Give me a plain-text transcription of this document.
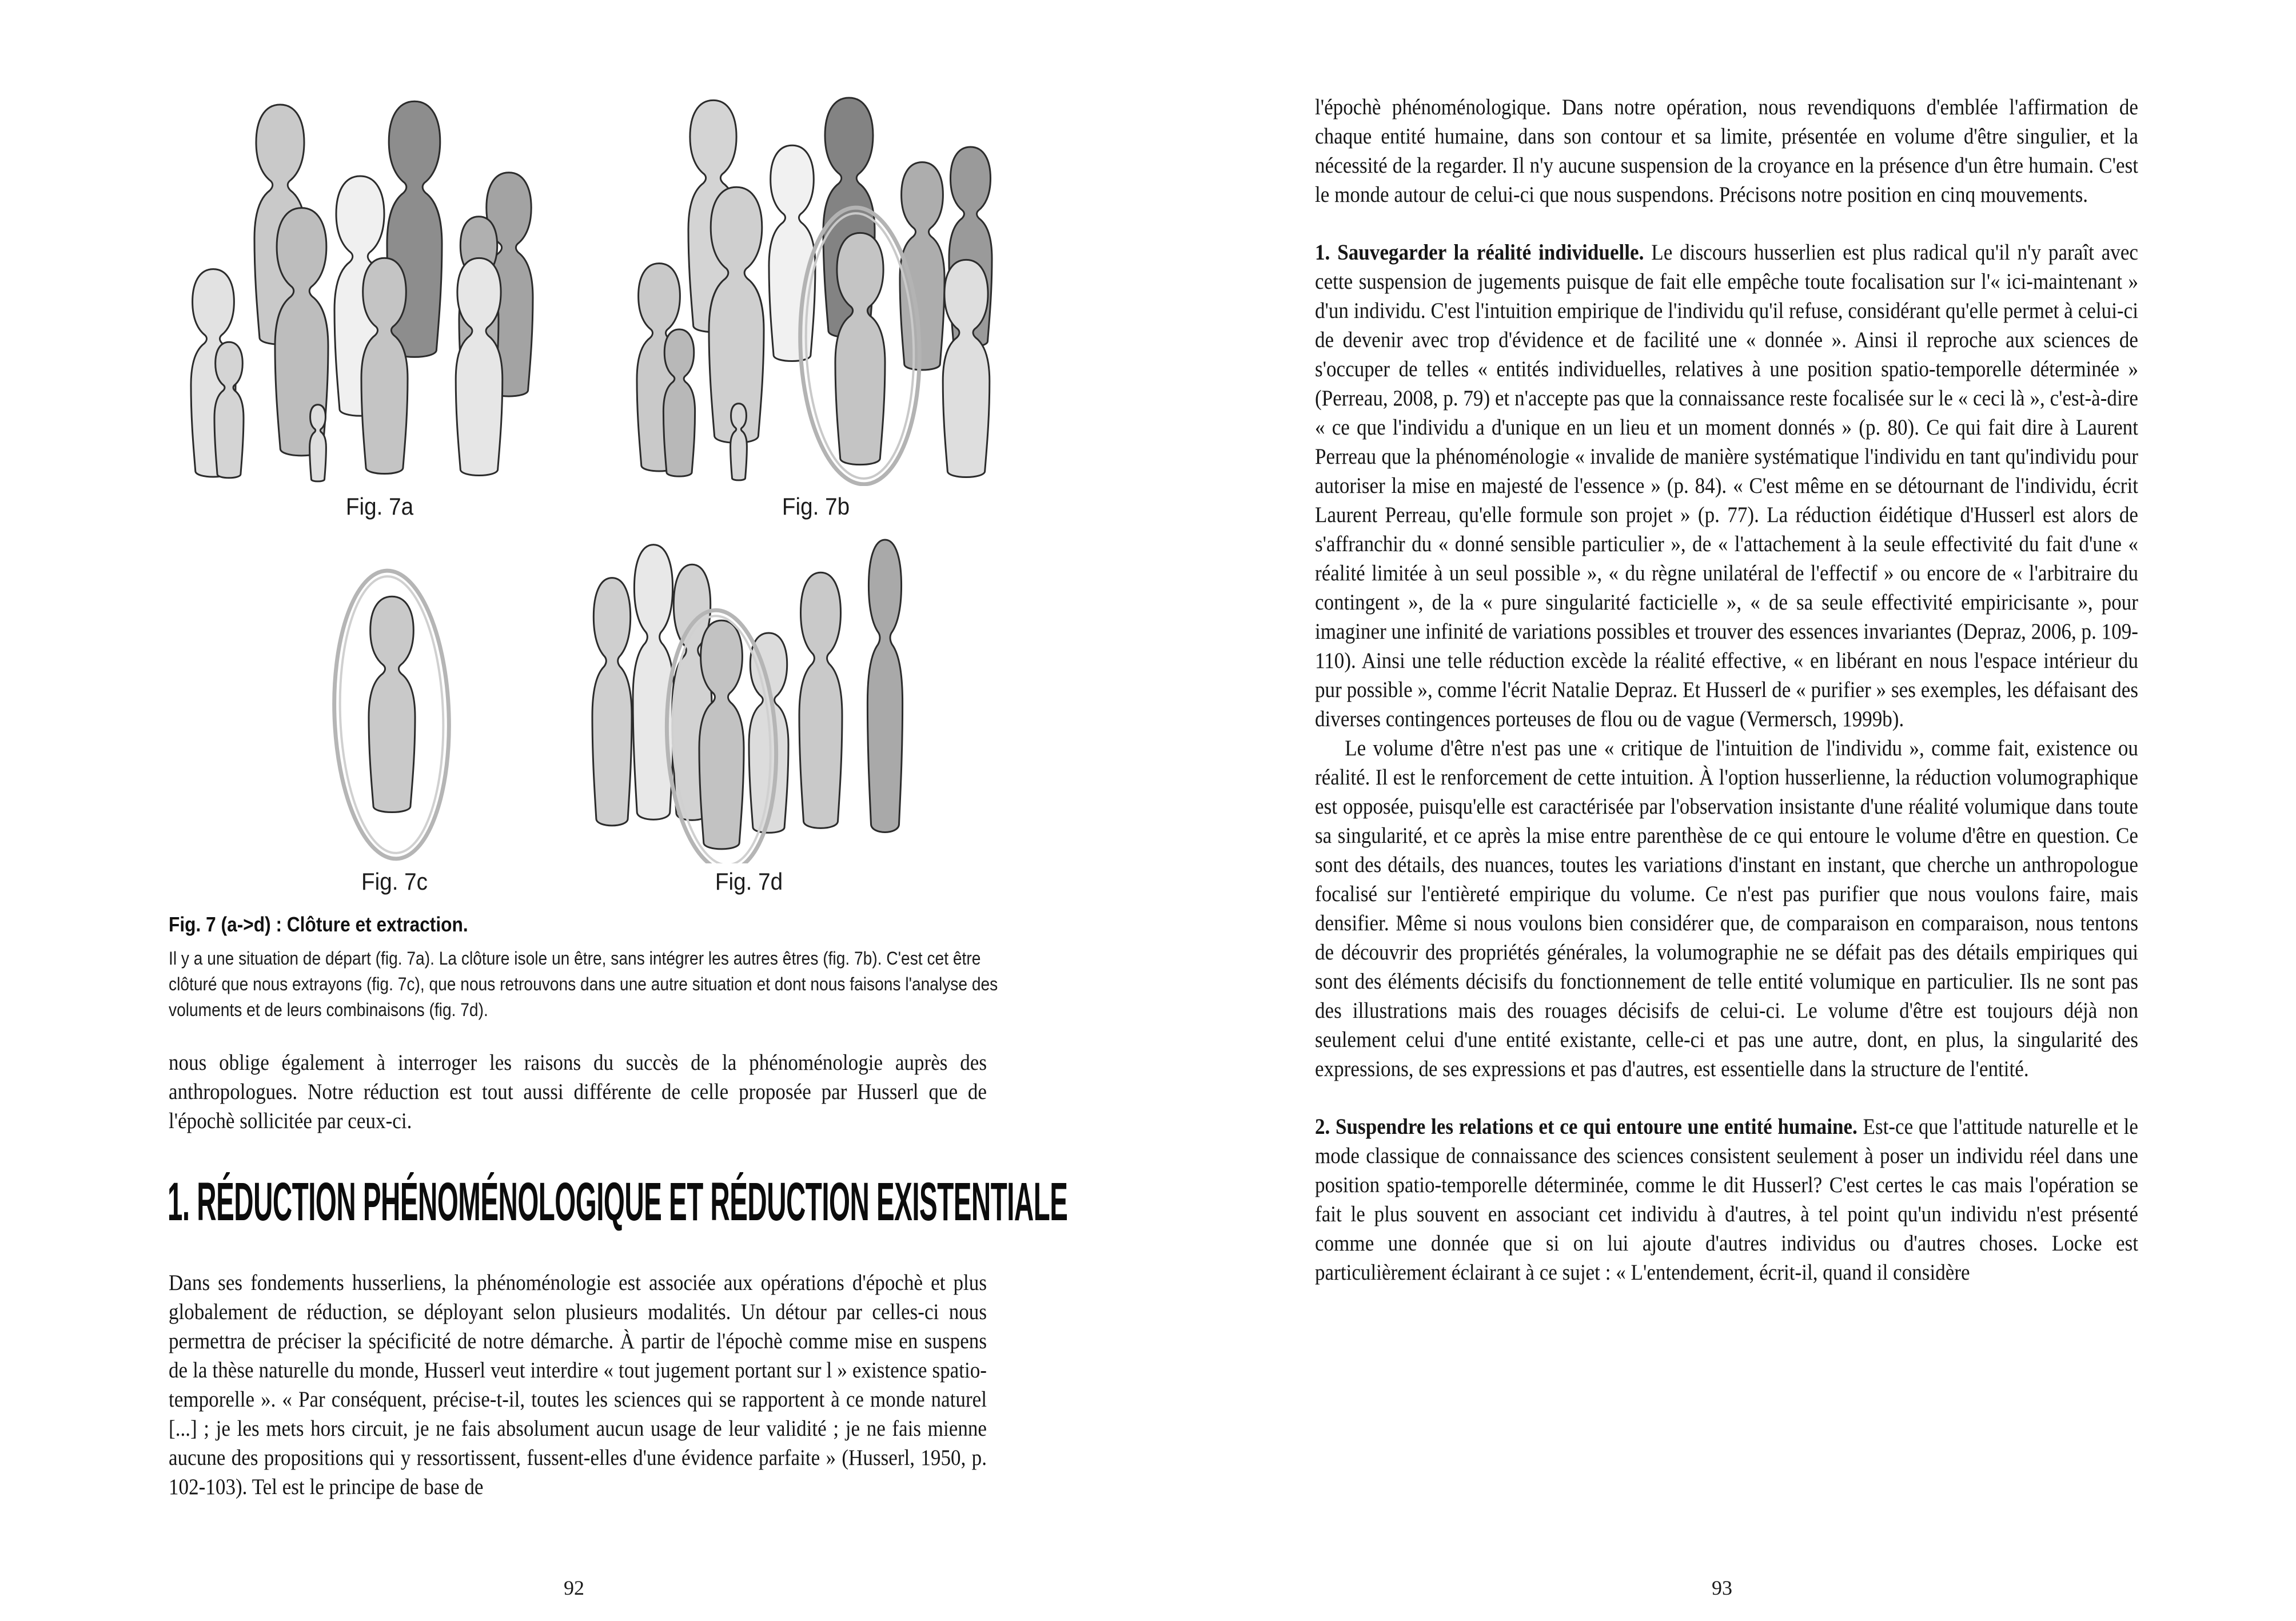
Fig. 7a	Fig. 7b
Fig. 7c	Fig. 7d
Fig. 7 (a->d) : Clôture et extraction.
Il y a une situation de départ (fig. 7a). La clôture isole un être, sans intégrer les autres êtres (fig. 7b). C'est cet être clôturé que nous extrayons (fig. 7c), que nous retrouvons dans une autre situation et dont nous faisons l'analyse des voluments et de leurs combinaisons (fig. 7d).

nous oblige également à interroger les raisons du succès de la phénoménologie auprès des anthropologues. Notre réduction est tout aussi différente de celle proposée par Husserl que de l'épochè sollicitée par ceux-ci.

1. RÉDUCTION PHÉNOMÉNOLOGIQUE ET RÉDUCTION EXISTENTIALE

Dans ses fondements husserliens, la phénoménologie est associée aux opérations d'épochè et plus globalement de réduction, se déployant selon plusieurs modalités. Un détour par celles-ci nous permettra de préciser la spécificité de notre démarche. À partir de l'épochè comme mise en suspens de la thèse naturelle du monde, Husserl veut interdire « tout jugement portant sur l » existence spatio-temporelle ». « Par conséquent, précise-t-il, toutes les sciences qui se rapportent à ce monde naturel [...] ; je les mets hors circuit, je ne fais absolument aucun usage de leur validité ; je ne fais mienne aucune des propositions qui y ressortissent, fussent-elles d'une évidence parfaite » (Husserl, 1950, p. 102-103). Tel est le principe de base de

92

l'épochè phénoménologique. Dans notre opération, nous revendiquons d'emblée l'affirmation de chaque entité humaine, dans son contour et sa limite, présentée en volume d'être singulier, et la nécessité de la regarder. Il n'y aucune suspension de la croyance en la présence d'un être humain. C'est le monde autour de celui-ci que nous suspendons. Précisons notre position en cinq mouvements.

1. Sauvegarder la réalité individuelle. Le discours husserlien est plus radical qu'il n'y paraît avec cette suspension de jugements puisque de fait elle empêche toute focalisation sur l'« ici-maintenant » d'un individu. C'est l'intuition empirique de l'individu qu'il refuse, considérant qu'elle permet à celui-ci de devenir avec trop d'évidence et de facilité une « donnée ». Ainsi il reproche aux sciences de s'occuper de telles « entités individuelles, relatives à une position spatio-temporelle déterminée » (Perreau, 2008, p. 79) et n'accepte pas que la connaissance reste focalisée sur le « ceci là », c'est-à-dire « ce que l'individu a d'unique en un lieu et un moment donnés » (p. 80). Ce qui fait dire à Laurent Perreau que la phénoménologie « invalide de manière systématique l'individu en tant qu'individu pour autoriser la mise en majesté de l'essence » (p. 84). « C'est même en se détournant de l'individu, écrit Laurent Perreau, qu'elle formule son projet » (p. 77). La réduction éidétique d'Husserl est alors de s'affranchir du « donné sensible particulier », de « l'attachement à la seule effectivité du fait d'une « réalité limitée à un seul possible », « du règne unilatéral de l'effectif » ou encore de « l'arbitraire du contingent », de la « pure singularité facticielle », « de sa seule effectivité empiricisante », pour imaginer une infinité de variations possibles et trouver des essences invariantes (Depraz, 2006, p. 109-110). Ainsi une telle réduction excède la réalité effective, « en libérant en nous l'espace intérieur du pur possible », comme l'écrit Natalie Depraz. Et Husserl de « purifier » ses exemples, les défaisant des diverses contingences porteuses de flou ou de vague (Vermersch, 1999b).

Le volume d'être n'est pas une « critique de l'intuition de l'individu », comme fait, existence ou réalité. Il est le renforcement de cette intuition. À l'option husserlienne, la réduction volumographique est opposée, puisqu'elle est caractérisée par l'observation insistante d'une réalité volumique dans toute sa singularité, et ce après la mise entre parenthèse de ce qui entoure le volume d'être en question. Ce sont des détails, des nuances, toutes les variations d'instant en instant, que cherche un anthropologue focalisé sur l'entièreté empirique du volume. Ce n'est pas purifier que nous voulons faire, mais densifier. Même si nous voulons bien considérer que, de comparaison en comparaison, nous tentons de découvrir des propriétés générales, la volumographie ne se défait pas des détails empiriques qui sont des éléments décisifs du fonctionnement de telle entité volumique en particulier. Ils ne sont pas des illustrations mais des rouages décisifs de celui-ci. Le volume d'être est toujours déjà non seulement celui d'une entité existante, celle-ci et pas une autre, dont, en plus, la singularité des expressions, de ses expressions et pas d'autres, est essentielle dans la structure de l'entité.

2. Suspendre les relations et ce qui entoure une entité humaine. Est-ce que l'attitude naturelle et le mode classique de connaissance des sciences consistent seulement à poser un individu réel dans une position spatio-temporelle déterminée, comme le dit Husserl? C'est certes le cas mais l'opération se fait le plus souvent en associant cet individu à d'autres, à tel point qu'un individu n'est présenté comme une donnée que si on lui ajoute d'autres individus ou d'autres choses. Locke est particulièrement éclairant à ce sujet : « L'entendement, écrit-il, quand il considère

93
